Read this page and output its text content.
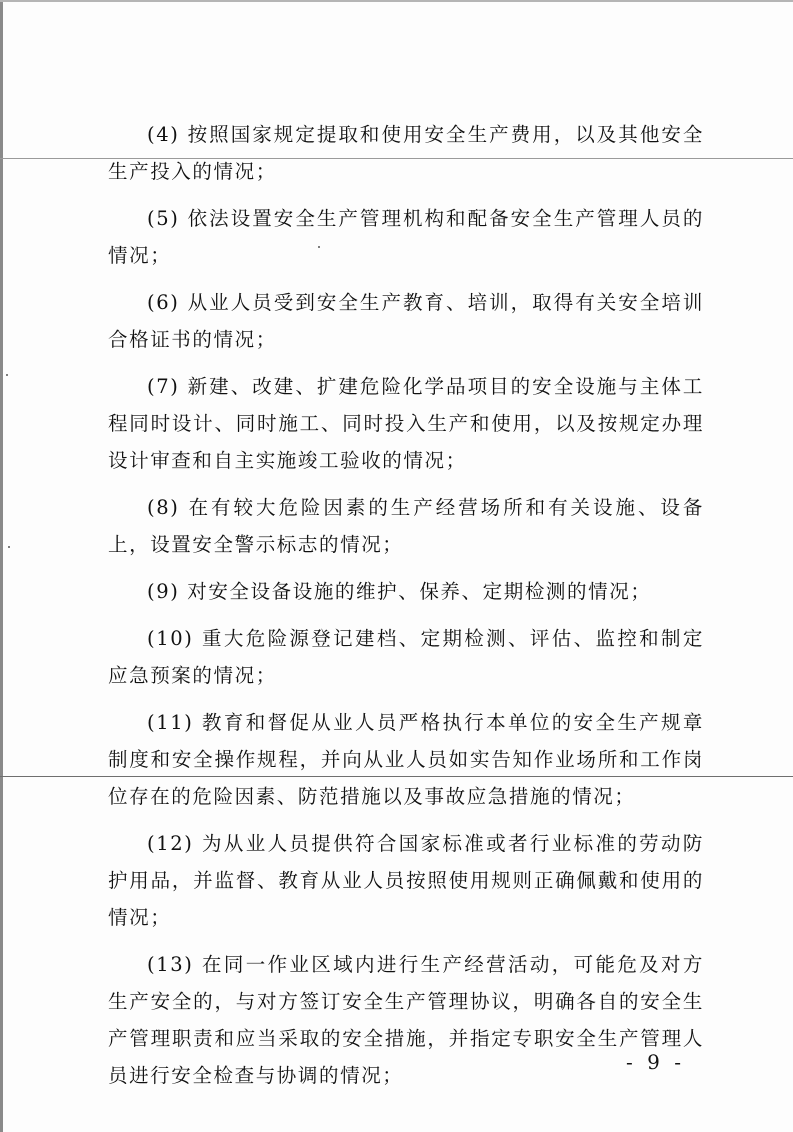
(4) 按照国家规定提取和使用安全生产费用，以及其他安全生产投入的情况；

(5) 依法设置安全生产管理机构和配备安全生产管理人员的情况；

(6) 从业人员受到安全生产教育、培训，取得有关安全培训合格证书的情况；

(7) 新建、改建、扩建危险化学品项目的安全设施与主体工程同时设计、同时施工、同时投入生产和使用，以及按规定办理设计审查和自主实施竣工验收的情况；

(8) 在有较大危险因素的生产经营场所和有关设施、设备上，设置安全警示标志的情况；

(9) 对安全设备设施的维护、保养、定期检测的情况；

(10) 重大危险源登记建档、定期检测、评估、监控和制定应急预案的情况；

(11) 教育和督促从业人员严格执行本单位的安全生产规章制度和安全操作规程，并向从业人员如实告知作业场所和工作岗位存在的危险因素、防范措施以及事故应急措施的情况；

(12) 为从业人员提供符合国家标准或者行业标准的劳动防护用品，并监督、教育从业人员按照使用规则正确佩戴和使用的情况；

(13) 在同一作业区域内进行生产经营活动，可能危及对方生产安全的，与对方签订安全生产管理协议，明确各自的安全生产管理职责和应当采取的安全措施，并指定专职安全生产管理人员进行安全检查与协调的情况；

- 9 -
